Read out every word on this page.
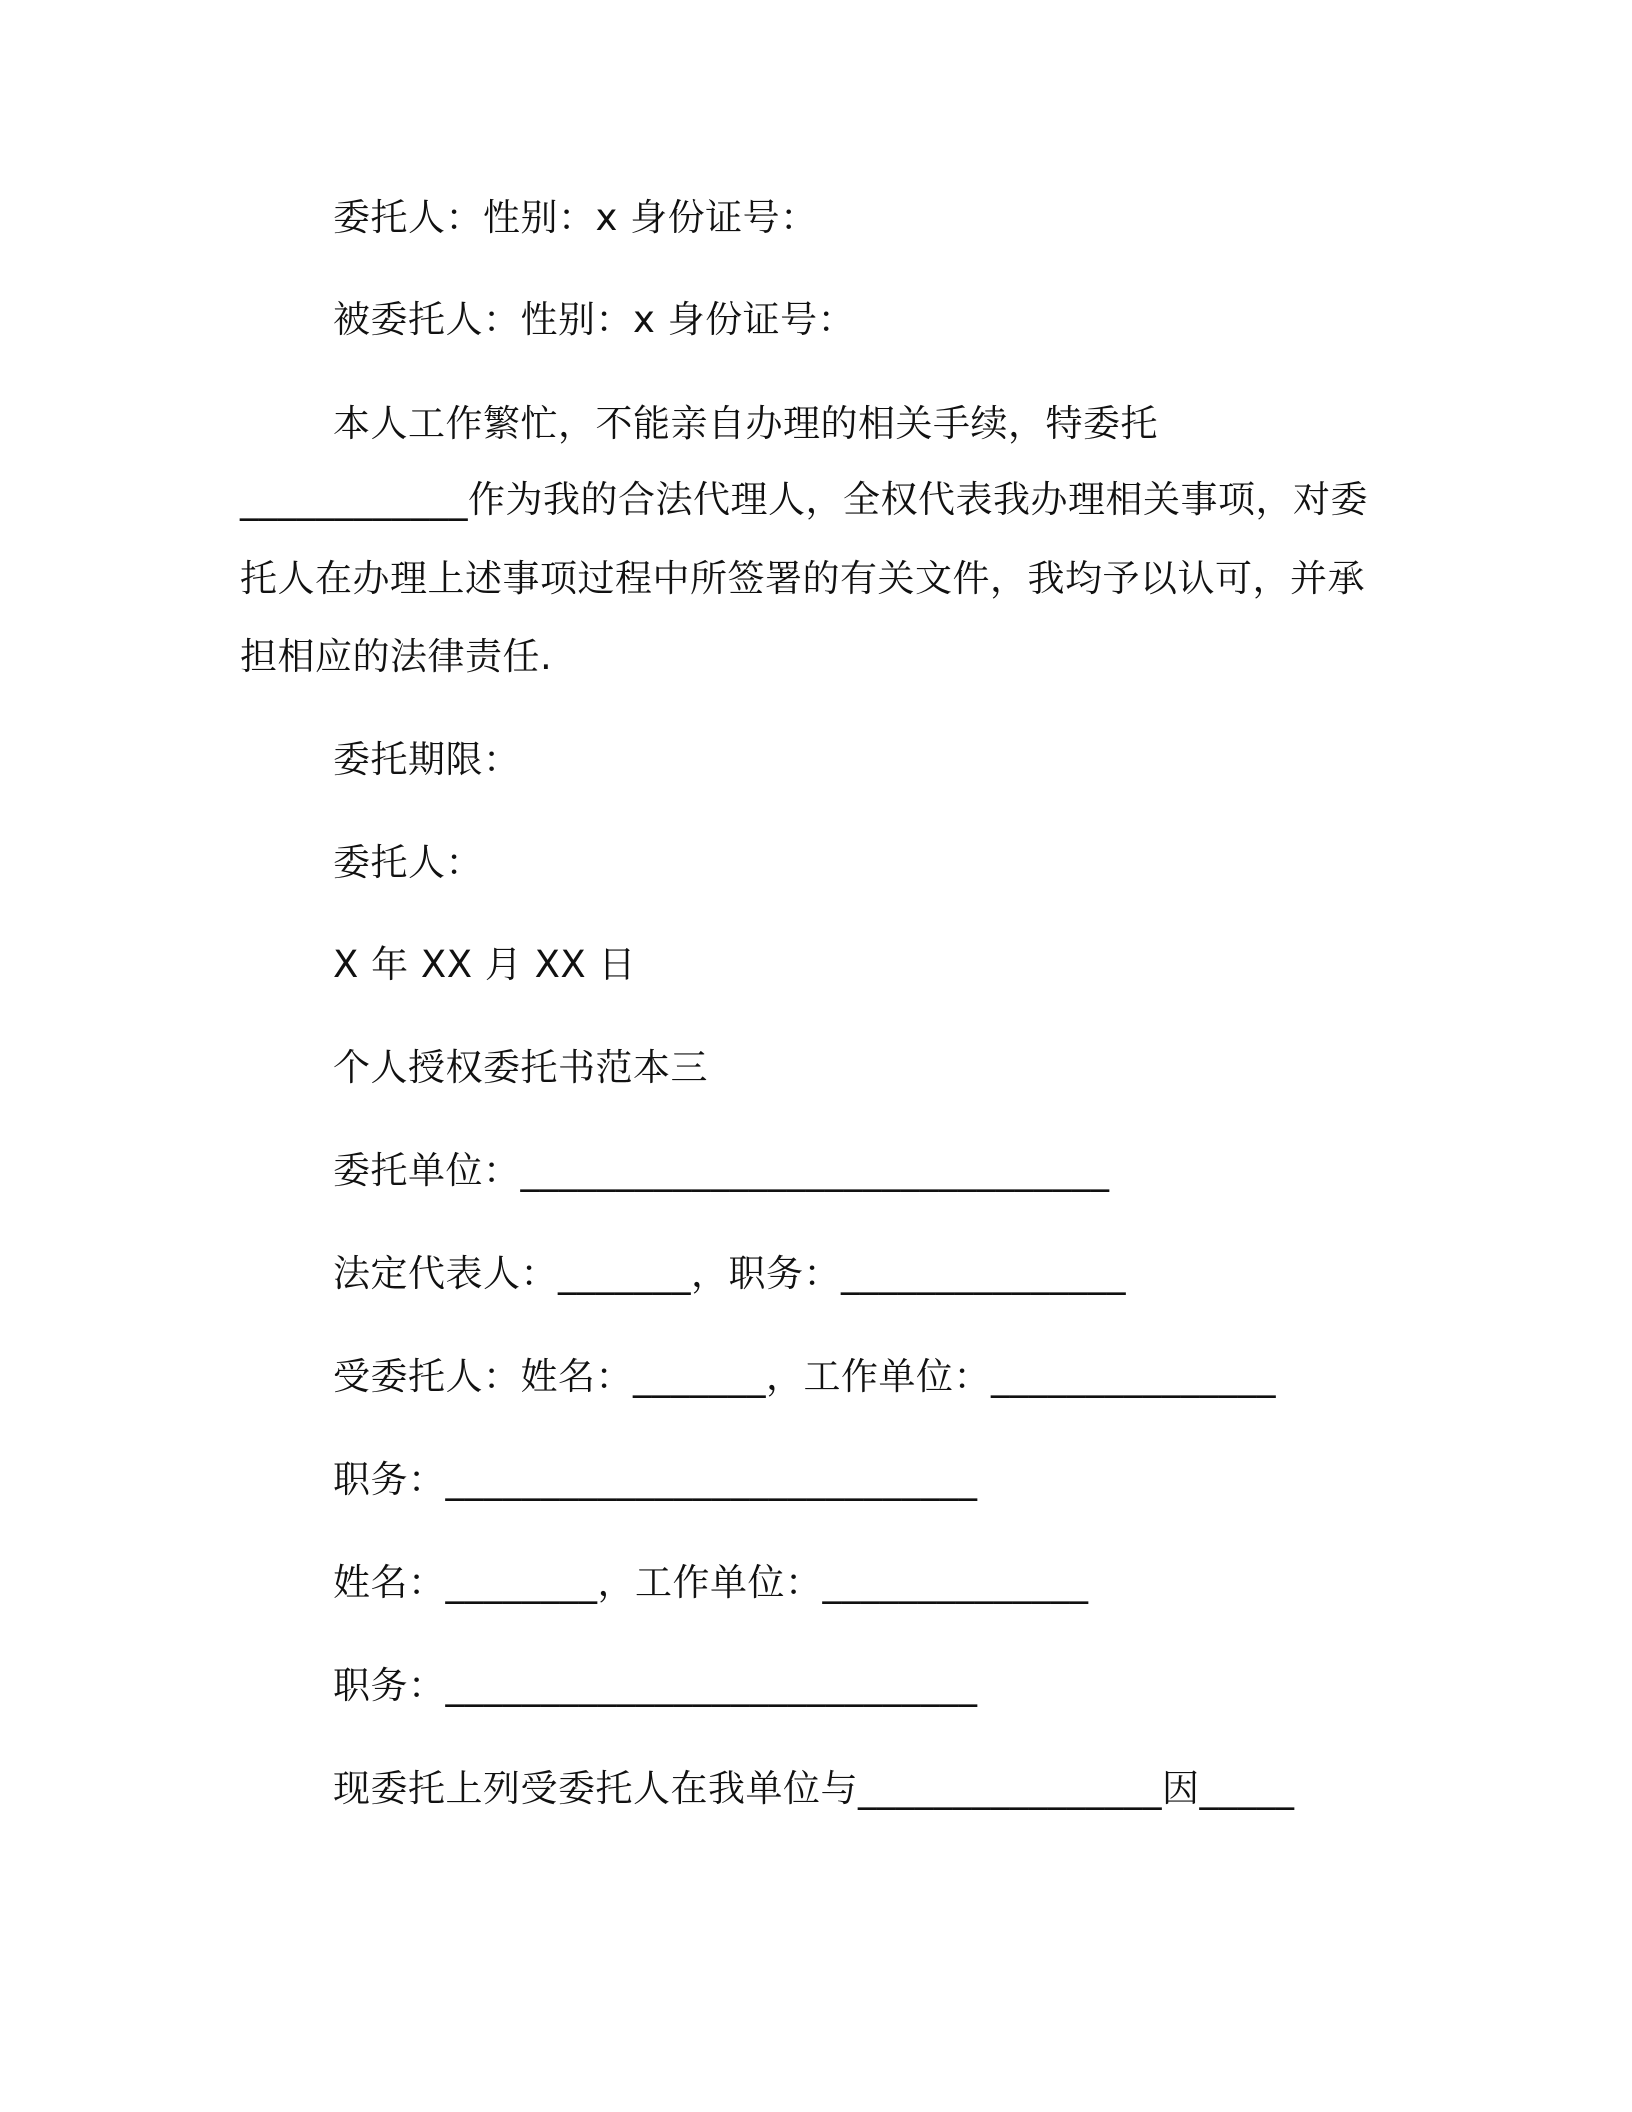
委托人：性别：x 身份证号：
被委托人：性别：x 身份证号：
本人工作繁忙，不能亲自办理的相关手续，特委托
____________作为我的合法代理人，全权代表我办理相关事项，对委
托人在办理上述事项过程中所签署的有关文件，我均予以认可，并承
担相应的法律责任.
委托期限：
委托人：
X 年 XX 月 XX 日
个人授权委托书范本三
委托单位：_______________________________
法定代表人：_______，职务：_______________
受委托人：姓名：_______，工作单位：_______________
职务：____________________________
姓名：________，工作单位：______________
职务：____________________________
现委托上列受委托人在我单位与________________因_____
